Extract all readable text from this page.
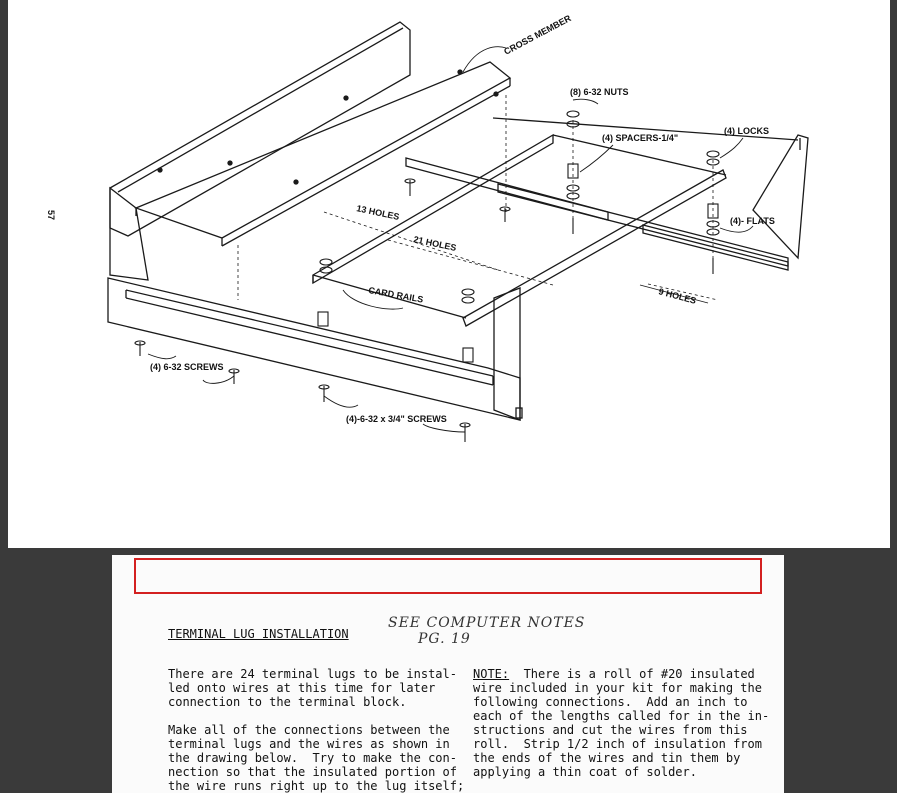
57
CROSS MEMBER
(8) 6-32 NUTS
(4) SPACERS-1/4"
(4) LOCKS
(4)- FLATS
13 HOLES
21 HOLES
9 HOLES
CARD RAILS
(4) 6-32 SCREWS
(4)-6-32 x 3/4" SCREWS
TERMINAL LUG INSTALLATION
SEE COMPUTER NOTES
PG. 19
There are 24 terminal lugs to be instal-
led onto wires at this time for later
connection to the terminal block.
Make all of the connections between the
terminal lugs and the wires as shown in
the drawing below.  Try to make the con-
nection so that the insulated portion of
the wire runs right up to the lug itself;
NOTE:  There is a roll of #20 insulated
wire included in your kit for making the
following connections.  Add an inch to
each of the lengths called for in the in-
structions and cut the wires from this
roll.  Strip 1/2 inch of insulation from
the ends of the wires and tin them by
applying a thin coat of solder.
